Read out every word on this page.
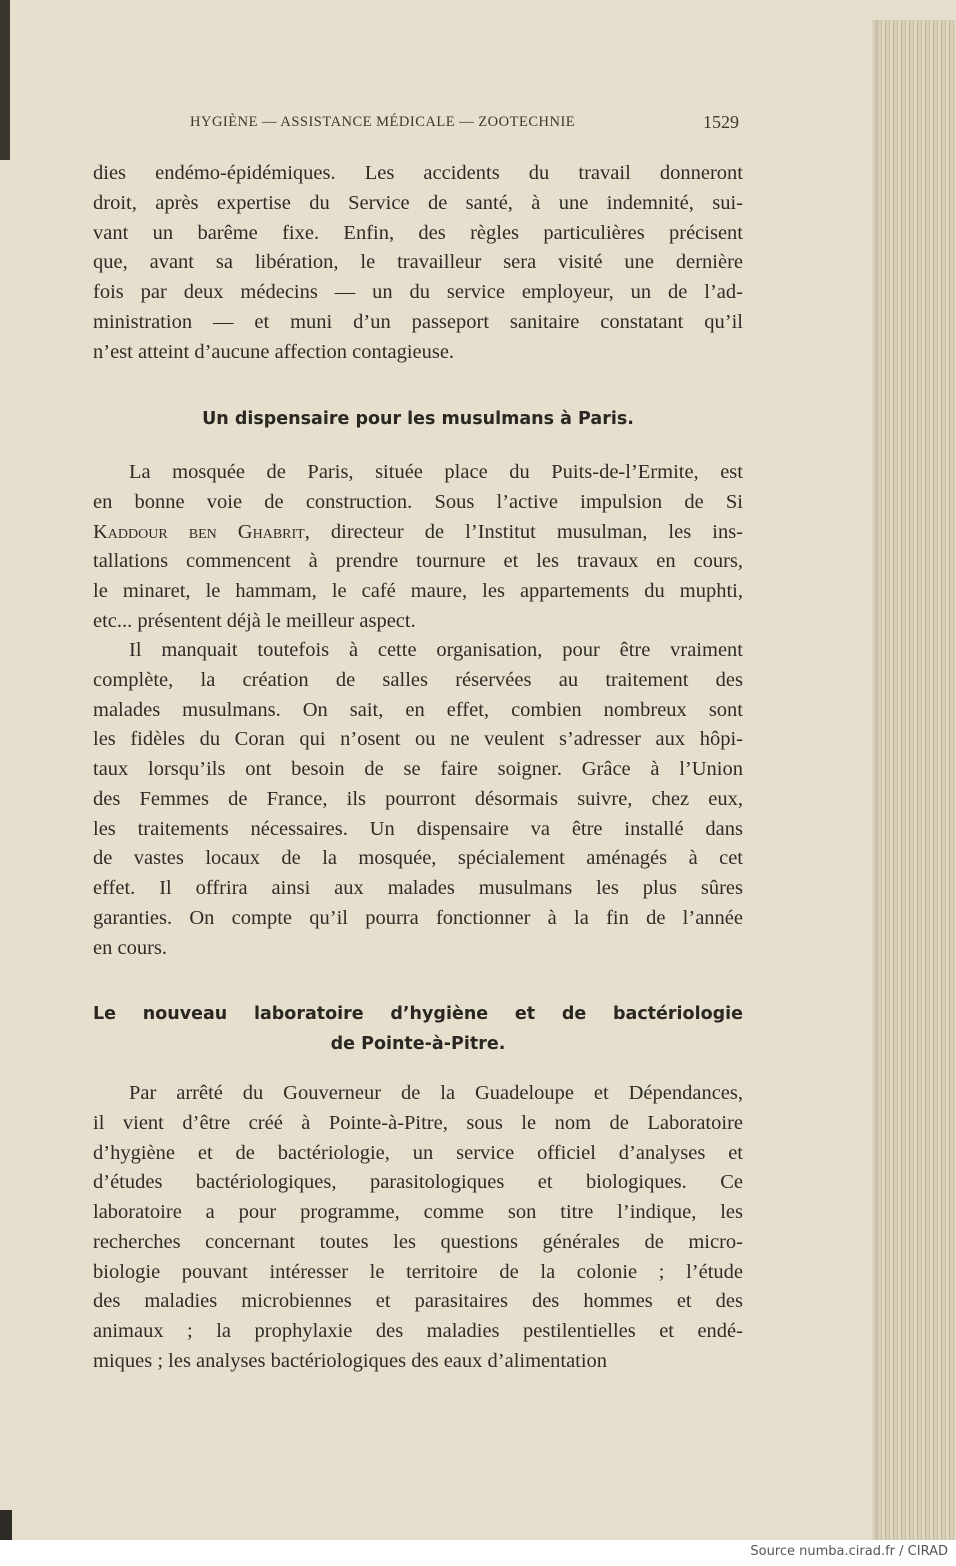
HYGIÈNE — ASSISTANCE MÉDICALE — ZOOTECHNIE	1529
dies endémo-épidémiques. Les accidents du travail donneront
droit, après expertise du Service de santé, à une indemnité, sui-
vant un barême fixe. Enfin, des règles particulières précisent
que, avant sa libération, le travailleur sera visité une dernière
fois par deux médecins — un du service employeur, un de l’ad-
ministration — et muni d’un passeport sanitaire constatant qu’il
n’est atteint d’aucune affection contagieuse.
La mosquée de Paris, située place du Puits-de-l’Ermite, est
en bonne voie de construction. Sous l’active impulsion de Si
Kaddour ben Ghabrit, directeur de l’Institut musulman, les ins-
tallations commencent à prendre tournure et les travaux en cours,
le minaret, le hammam, le café maure, les appartements du muphti,
etc... présentent déjà le meilleur aspect.
Il manquait toutefois à cette organisation, pour être vraiment
complète, la création de salles réservées au traitement des
malades musulmans. On sait, en effet, combien nombreux sont
les fidèles du Coran qui n’osent ou ne veulent s’adresser aux hôpi-
taux lorsqu’ils ont besoin de se faire soigner. Grâce à l’Union
des Femmes de France, ils pourront désormais suivre, chez eux,
les traitements nécessaires. Un dispensaire va être installé dans
de vastes locaux de la mosquée, spécialement aménagés à cet
effet. Il offrira ainsi aux malades musulmans les plus sûres
garanties. On compte qu’il pourra fonctionner à la fin de l’année
en cours.
Par arrêté du Gouverneur de la Guadeloupe et Dépendances,
il vient d’être créé à Pointe-à-Pitre, sous le nom de Laboratoire
d’hygiène et de bactériologie, un service officiel d’analyses et
d’études bactériologiques, parasitologiques et biologiques. Ce
laboratoire a pour programme, comme son titre l’indique, les
recherches concernant toutes les questions générales de micro-
biologie pouvant intéresser le territoire de la colonie ; l’étude
des maladies microbiennes et parasitaires des hommes et des
animaux ; la prophylaxie des maladies pestilentielles et endé-
miques ; les analyses bactériologiques des eaux d’alimentation
Un dispensaire pour les musulmans à Paris.
Le nouveau laboratoire d’hygiène et de bactériologie
de Pointe-à-Pitre.
Source numba.cirad.fr / CIRAD
